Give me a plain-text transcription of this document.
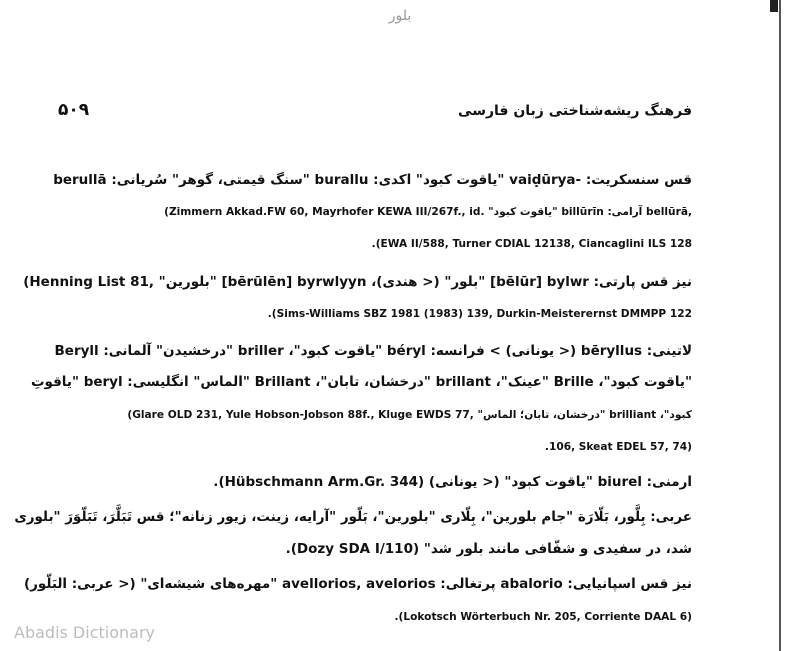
بلور
۵۰۹	فرهنگ ریشه‌شناختی زبان فارسی
قس سنسکریت: ‎vaiḍūrya-‎ "یاقوت کبود" اکدی: ‎burallu‎ "سنگ قیمتی، گوهر" سُریانی: ‎berullā‎
‎bellūrā,‎ آرامی: ‎billūrīn‎ "یاقوت کبود" ‎(Zimmern Akkad.FW 60, Mayrhofer KEWA III/267f., id.‎
‎(EWA II/588, Turner CDIAL 12138, Ciancaglini ILS 128‎.
نیز قس پارتی: ‎[bēlūr] bylwr‎ "بلور" (< هندی)، ‎[bērūlēn] byrwlyyn‎ "بلورین" ‎(Henning List 81,‎
‎(Sims-Williams SBZ 1981 (1983) 139, Durkin-Meisterernst DMMPP 122‎.
لاتینی: ‎bēryllus‎ (< یونانی) > فرانسه: ‎béryl‎ "یاقوت کبود"، ‎briller‎ "درخشیدن" آلمانی: ‎Beryll‎
"یاقوت کبود"، ‎Brille‎ "عینک"، ‎brillant‎ "درخشان، تابان"، ‎Brillant‎ "الماس" انگلیسی: ‎beryl‎ "یاقوتِ
کبود"، ‎brilliant‎ "درخشان، تابان؛ الماس" ‎(Glare OLD 231, Yule Hobson-Jobson 88f., Kluge EWDS 77,‎
‎106, Skeat EDEL 57, 74)‎.
ارمنی: ‎biurel‎ "یاقوت کبود" (< یونانی) ‎(Hübschmann Arm.Gr. 344)‎.
عربی: بِلَّور، بَلّارَة "جام بلورین"، بِلّاری "بلورین"، بَلّور "آرایه، زینت، زیور زنانه"؛ قس تَبَلَّرَ، تَبَلّوَرَ "بلوری
شد، در سفیدی و شفّافی مانند بلور شد" ‎(Dozy SDA I/110)‎.
نیز قس اسپانیایی: ‎abalorio‎ پرتغالی: ‎avellorios, avelorios‎ "مهره‌های شیشه‌ای" (< عربی: البَلّور)
‎(Lokotsch Wörterbuch Nr. 205, Corriente DAAL 6)‎.
Abadis Dictionary
